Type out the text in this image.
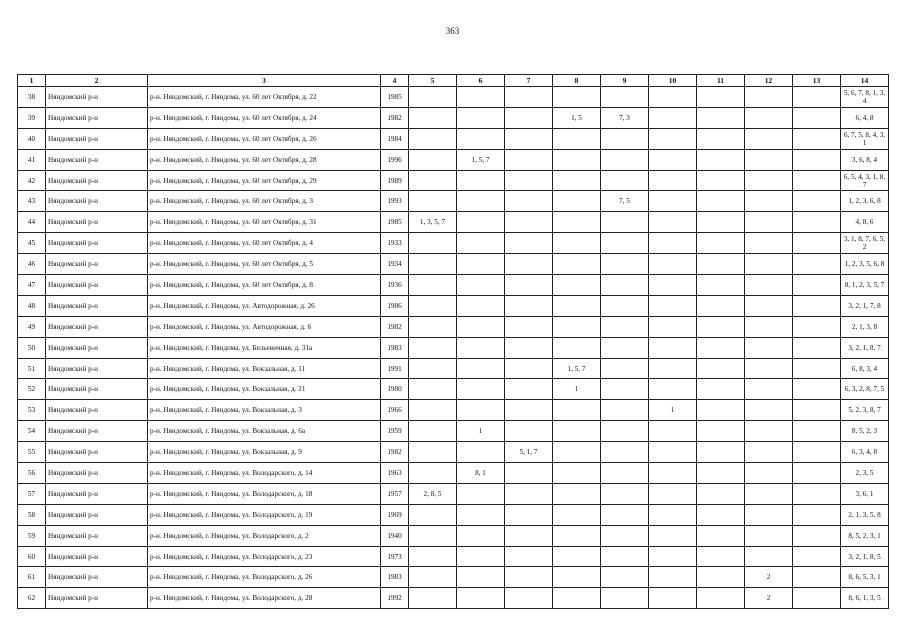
363
1	2	3	4	5	6	7	8	9	10	11	12	13	14
38	Няндомский р-н	р-н. Няндомский, г. Няндома, ул. 60 лет Октября, д. 22	1985										5, 6, 7, 8, 1, 3, 4
39	Няндомский р-н	р-н. Няндомский, г. Няндома, ул. 60 лет Октября, д. 24	1982				1, 5	7, 3					6, 4, 8
40	Няндомский р-н	р-н. Няндомский, г. Няндома, ул. 60 лет Октября, д. 26	1984										6, 7, 5, 8, 4, 3, 1
41	Няндомский р-н	р-н. Няндомский, г. Няндома, ул. 60 лет Октября, д. 28	1996		1, 5, 7								3, 6, 8, 4
42	Няндомский р-н	р-н. Няндомский, г. Няндома, ул. 60 лет Октября, д. 29	1989										6, 5, 4, 3, 1, 8, 7
43	Няндомский р-н	р-н. Няндомский, г. Няндома, ул. 60 лет Октября, д. 3	1993					7, 5					1, 2, 3, 6, 8
44	Няндомский р-н	р-н. Няндомский, г. Няндома, ул. 60 лет Октября, д. 31	1985	1, 3, 5, 7									4, 8, 6
45	Няндомский р-н	р-н. Няндомский, г. Няндома, ул. 60 лет Октября, д. 4	1933										3, 1, 8, 7, 6, 5, 2
46	Няндомский р-н	р-н. Няндомский, г. Няндома, ул. 60 лет Октября, д. 5	1934										1, 2, 3, 5, 6, 8
47	Няндомский р-н	р-н. Няндомский, г. Няндома, ул. 60 лет Октября, д. 8	1936										8, 1, 2, 3, 5, 7
48	Няндомский р-н	р-н. Няндомский, г. Няндома, ул. Автодорожная, д. 26	1986										3, 2, 1, 7, 8
49	Няндомский р-н	р-н. Няндомский, г. Няндома, ул. Автодорожная, д. 6	1982										2, 1, 3, 8
50	Няндомский р-н	р-н. Няндомский, г. Няндома, ул. Бельевичная, д. 31а	1983										3, 2, 1, 8, 7
51	Няндомский р-н	р-н. Няндомский, г. Няндома, ул. Вокзальная, д. 11	1991				1, 5, 7						6, 8, 3, 4
52	Няндомский р-н	р-н. Няндомский, г. Няндома, ул. Вокзальная, д. 21	1980				1						6, 3, 2, 8, 7, 5
53	Няндомский р-н	р-н. Няндомский, г. Няндома, ул. Вокзальная, д. 3	1966						1				5, 2, 3, 8, 7
54	Няндомский р-н	р-н. Няндомский, г. Няндома, ул. Вокзальная, д. 6а	1959		1								8, 5, 2, 3
55	Няндомский р-н	р-н. Няндомский, г. Няндома, ул. Вокзальная, д. 9	1982			5, 1, 7							6, 3, 4, 8
56	Няндомский р-н	р-н. Няндомский, г. Няндома, ул. Володарского, д. 14	1963		8, 1								2, 3, 5
57	Няндомский р-н	р-н. Няндомский, г. Няндома, ул. Володарского, д. 18	1957	2, 8, 5									3, 6, 1
58	Няндомский р-н	р-н. Няндомский, г. Няндома, ул. Володарского, д. 19	1969										2, 1, 3, 5, 8
59	Няндомский р-н	р-н. Няндомский, г. Няндома, ул. Володарского, д. 2	1940										8, 5, 2, 3, 1
60	Няндомский р-н	р-н. Няндомский, г. Няндома, ул. Володарского, д. 23	1973										3, 2, 1, 8, 5
61	Няндомский р-н	р-н. Няндомский, г. Няндома, ул. Володарского, д. 26	1983								2		8, 6, 5, 3, 1
62	Няндомский р-н	р-н. Няндомский, г. Няндома, ул. Володарского, д. 28	1992								2		8, 6, 1, 3, 5
